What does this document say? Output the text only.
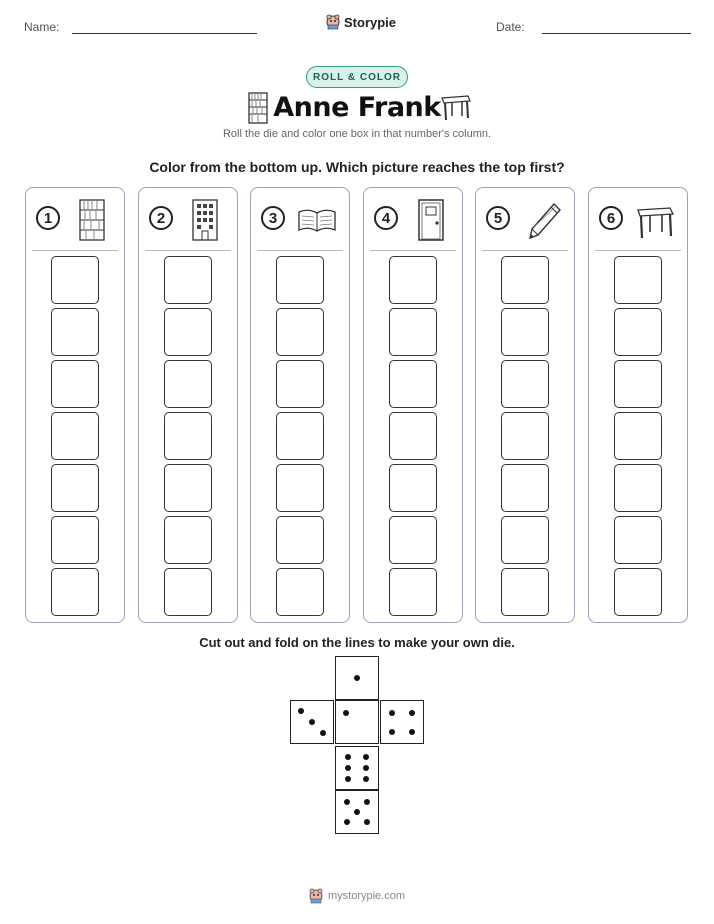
Name:	Storypie	Date:
ROLL & COLOR
Anne Frank
Roll the die and color one box in that number's column.
Color from the bottom up. Which picture reaches the top first?
1	2	3	4	5	6
Cut out and fold on the lines to make your own die.
mystorypie.com
